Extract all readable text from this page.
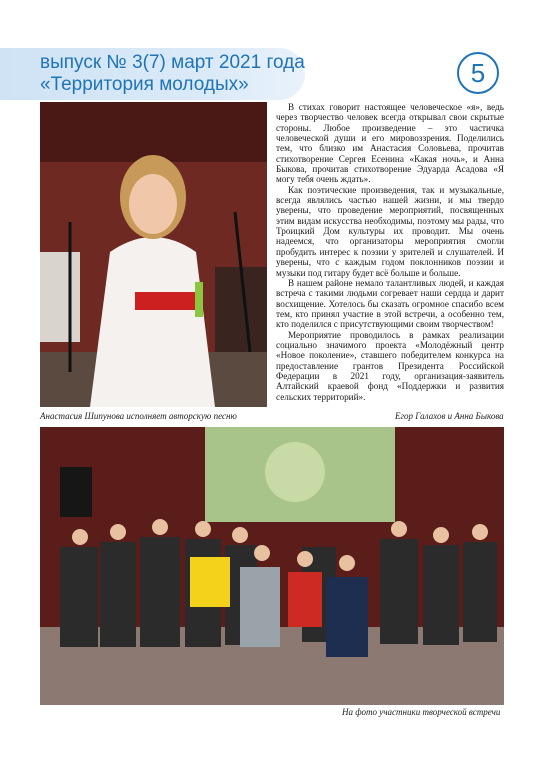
выпуск № 3(7) март 2021 года
«Территория молодых»	5

В стихах говорит настоящее человеческое «я», ведь через творчество человек всегда открывал свои скрытые стороны. Любое произведение – это частичка человеческой души и его мировоззрения. Поделились тем, что близко им Анастасия Соловьева, прочитав стихотворение Сергея Есенина «Какая ночь», и Анна Быкова, прочитав стихотворение Эдуарда Асадова «Я могу тебя очень ждать».

Как поэтические произведения, так и музыкальные, всегда являлись частью нашей жизни, и мы твердо уверены, что проведение мероприятий, посвященных этим видам искусства необходимы, поэтому мы рады, что Троицкий Дом культуры их проводит. Мы очень надеемся, что организаторы мероприятия смогли пробудить интерес к поэзии у зрителей и слушателей. И уверены, что с каждым годом поклонников поэзии и музыки под гитару будет всё больше и больше.

В нашем районе немало талантливых людей, и каждая встреча с такими людьми согревает наши сердца и дарит восхищение. Хотелось бы сказать огромное спасибо всем тем, кто принял участие в этой встречи, а особенно тем, кто поделился с присутствующими своим творчеством!

Мероприятие проводилось в рамках реализации социально значимого проекта «Молодёжный центр «Новое поколение», ставшего победителем конкурса на предоставление грантов Президента Российской Федерации в 2021 году, организация-заявитель Алтайский краевой фонд «Поддержки и развития сельских территорий».

Анастасия Шипунова исполняет авторскую песню	Егор Галахов и Анна Быкова
На фото участники творческой встречи
